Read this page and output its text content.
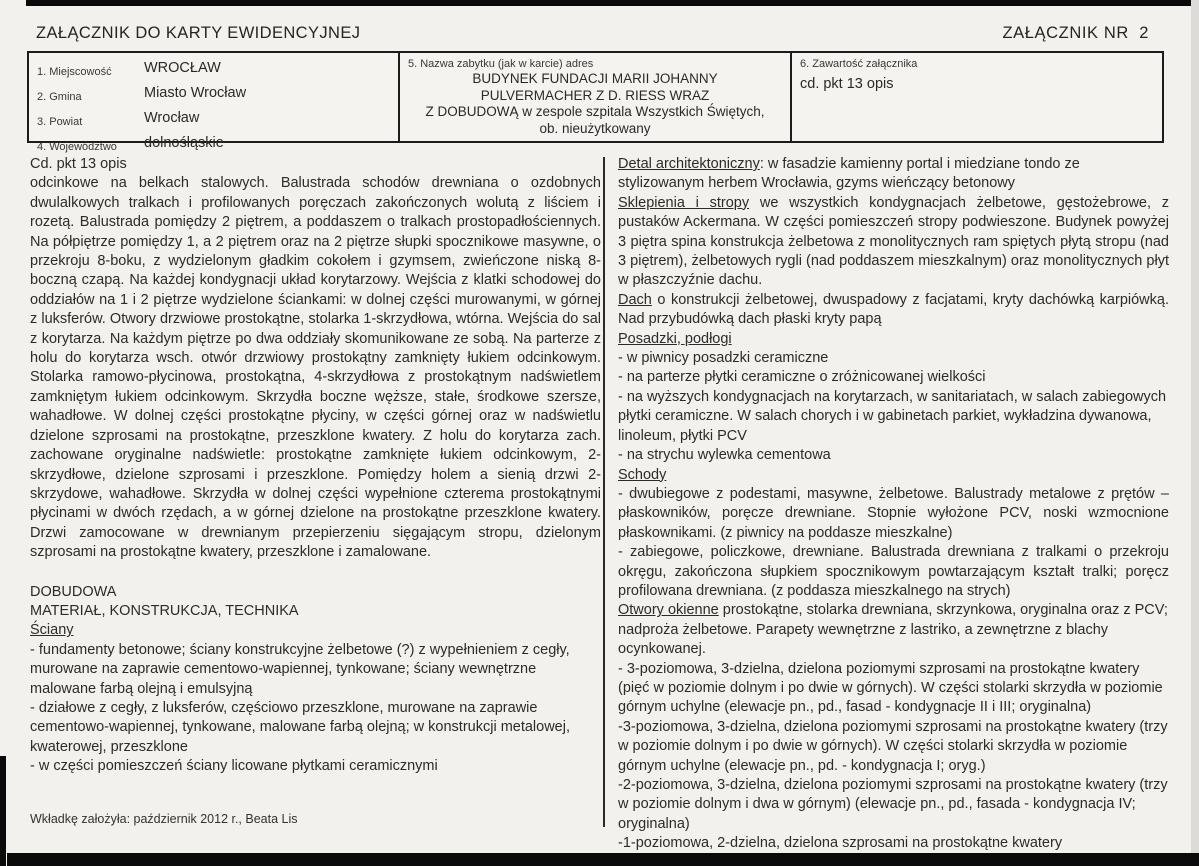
ZAŁĄCZNIK DO KARTY EWIDENCYJNEJ	ZAŁĄCZNIK NR  2
1. Miejscowość	WROCŁAW
2. Gmina	Miasto Wrocław
3. Powiat	Wrocław
4. Województwo	dolnośląskie
5. Nazwa zabytku (jak w karcie) adres
BUDYNEK FUNDACJI MARII JOHANNY
PULVERMACHER Z D. RIESS WRAZ
Z DOBUDOWĄ w zespole szpitala Wszystkich Świętych,
ob. nieużytkowany
6. Zawartość załącznika
cd. pkt 13 opis
Cd. pkt 13 opis
odcinkowe na belkach stalowych. Balustrada schodów drewniana o ozdobnych dwulalkowych tralkach i profilowanych poręczach zakończonych wolutą z liściem i rozetą. Balustrada pomiędzy 2 piętrem, a poddaszem o tralkach prostopadłościennych. Na półpiętrze pomiędzy 1, a 2 piętrem oraz na 2 piętrze słupki spocznikowe masywne, o przekroju 8-boku, z wydzielonym gładkim cokołem i gzymsem, zwieńczone niską 8-boczną czapą. Na każdej kondygnacji układ korytarzowy. Wejścia z klatki schodowej do oddziałów na 1 i 2 piętrze wydzielone ściankami: w dolnej części murowanymi, w górnej z luksferów. Otwory drzwiowe prostokątne, stolarka 1-skrzydłowa, wtórna. Wejścia do sal z korytarza. Na każdym piętrze po dwa oddziały skomunikowane ze sobą. Na parterze z holu do korytarza wsch. otwór drzwiowy prostokątny zamknięty łukiem odcinkowym. Stolarka ramowo-płycinowa, prostokątna, 4-skrzydłowa z prostokątnym nadświetlem zamkniętym łukiem odcinkowym. Skrzydła boczne węższe, stałe, środkowe szersze, wahadłowe. W dolnej części prostokątne płyciny, w części górnej oraz w nadświetlu dzielone szprosami na prostokątne, przeszklone kwatery. Z holu do korytarza zach. zachowane oryginalne nadświetle: prostokątne zamknięte łukiem odcinkowym, 2-skrzydłowe, dzielone szprosami i przeszklone. Pomiędzy holem a sienią drzwi 2-skrzydowe, wahadłowe. Skrzydła w dolnej części wypełnione czterema prostokątnymi płycinami w dwóch rzędach, a w górnej dzielone na prostokątne przeszklone kwatery. Drzwi zamocowane w drewnianym przepierzeniu sięgającym stropu, dzielonym szprosami na prostokątne kwatery, przeszklone i zamalowane.
DOBUDOWA
MATERIAŁ, KONSTRUKCJA, TECHNIKA
Ściany
- fundamenty betonowe; ściany konstrukcyjne żelbetowe (?) z wypełnieniem z cegły, murowane na zaprawie cementowo-wapiennej, tynkowane; ściany wewnętrzne malowane farbą olejną i emulsyjną
- działowe z cegły, z luksferów, częściowo przeszklone, murowane na zaprawie cementowo-wapiennej, tynkowane, malowane farbą olejną; w konstrukcji metalowej, kwaterowej, przeszklone
- w części pomieszczeń ściany licowane płytkami ceramicznymi
Wkładkę założyła: październik 2012 r., Beata Lis
Detal architektoniczny: w fasadzie kamienny portal i miedziane tondo ze stylizowanym herbem Wrocławia, gzyms wieńczący betonowy
Sklepienia i stropy we wszystkich kondygnacjach żelbetowe, gęstożebrowe, z pustaków Ackermana. W części pomieszczeń stropy podwieszone. Budynek powyżej 3 piętra spina konstrukcja żelbetowa z monolitycznych ram spiętych płytą stropu (nad 3 piętrem), żelbetowych rygli (nad poddaszem mieszkalnym) oraz monolitycznych płyt w płaszczyźnie dachu.
Dach o konstrukcji żelbetowej, dwuspadowy z facjatami, kryty dachówką karpiówką. Nad przybudówką dach płaski kryty papą
Posadzki, podłogi
- w piwnicy posadzki ceramiczne
- na parterze płytki ceramiczne o zróżnicowanej wielkości
- na wyższych kondygnacjach na korytarzach, w sanitariatach, w salach zabiegowych płytki ceramiczne. W salach chorych i w gabinetach parkiet, wykładzina dywanowa, linoleum, płytki PCV
- na strychu wylewka cementowa
Schody
- dwubiegowe z podestami, masywne, żelbetowe. Balustrady metalowe z prętów – płaskowników, poręcze drewniane. Stopnie wyłożone PCV, noski wzmocnione płaskownikami. (z piwnicy na poddasze mieszkalne)
- zabiegowe, policzkowe, drewniane. Balustrada drewniana z tralkami o przekroju okręgu, zakończona słupkiem spocznikowym powtarzającym kształt tralki; poręcz profilowana drewniana. (z poddasza mieszkalnego na strych)
Otwory okienne prostokątne, stolarka drewniana, skrzynkowa, oryginalna oraz z PCV; nadproża żelbetowe. Parapety wewnętrzne z lastriko, a zewnętrzne z blachy ocynkowanej.
- 3-poziomowa, 3-dzielna, dzielona poziomymi szprosami na prostokątne kwatery (pięć w poziomie dolnym i po dwie w górnych). W części stolarki skrzydła w poziomie górnym uchylne (elewacje pn., pd., fasad - kondygnacje II i III; oryginalna)
-3-poziomowa, 3-dzielna, dzielona poziomymi szprosami na prostokątne kwatery (trzy w poziomie dolnym i po dwie w górnych). W części stolarki skrzydła w poziomie górnym uchylne (elewacje pn., pd. - kondygnacja I; oryg.)
-2-poziomowa, 3-dzielna, dzielona poziomymi szprosami na prostokątne kwatery (trzy w poziomie dolnym i dwa w górnym) (elewacje pn., pd., fasada - kondygnacja IV; oryginalna)
-1-poziomowa, 2-dzielna, dzielona szprosami na prostokątne kwatery
